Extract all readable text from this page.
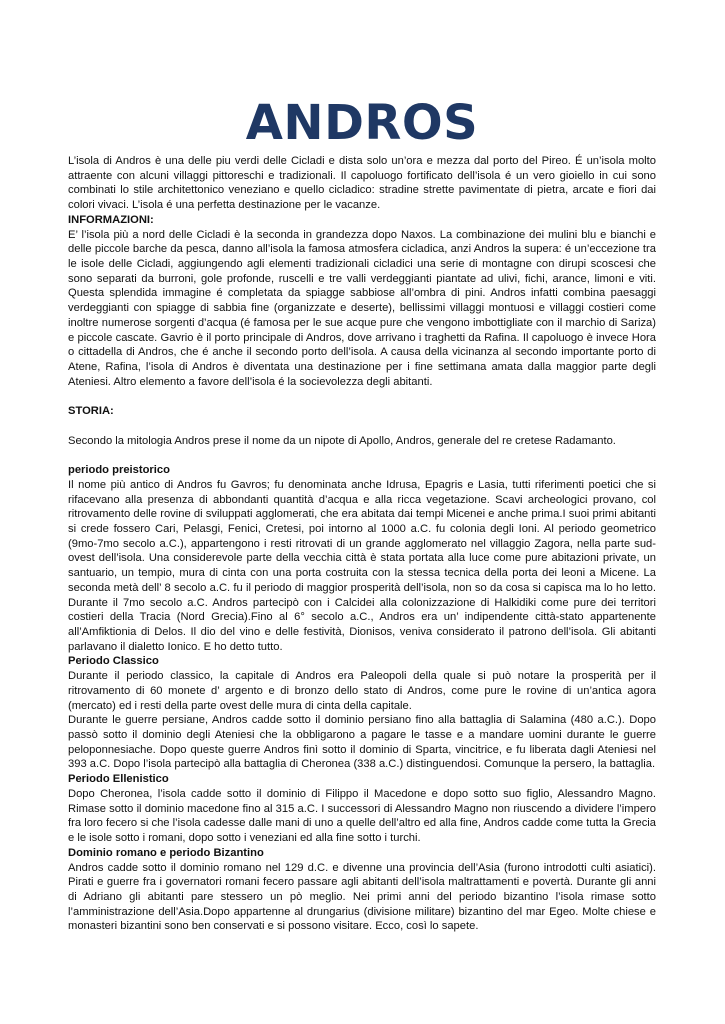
ANDROS

L’isola di Andros è una delle piu verdi delle Cicladi e dista solo un’ora e mezza dal porto del Pireo. É un’isola molto attraente con alcuni villaggi pittoreschi e tradizionali. Il capoluogo fortificato dell’isola é un vero gioiello in cui sono combinati lo stile architettonico veneziano e quello cicladico: stradine strette pavimentate di pietra, arcate e fiori dai colori vivaci. L’isola é una perfetta destinazione per le vacanze.

INFORMAZIONI:

E’ l’isola più a nord delle Cicladi è la seconda in grandezza dopo Naxos. La combinazione dei mulini blu e bianchi e delle piccole barche da pesca, danno all’isola la famosa atmosfera cicladica, anzi Andros la supera: é un’eccezione tra le isole delle Cicladi, aggiungendo agli elementi tradizionali cicladici una serie di montagne con dirupi scoscesi che sono separati da burroni, gole profonde, ruscelli e tre valli verdeggianti piantate ad ulivi, fichi, arance, limoni e viti. Questa splendida immagine é completata da spiagge sabbiose all’ombra di pini. Andros infatti combina paesaggi verdeggianti con spiagge di sabbia fine (organizzate e deserte), bellissimi villaggi montuosi e villaggi costieri come inoltre numerose sorgenti d’acqua (é famosa per le sue acque pure che vengono imbottigliate con il marchio di Sariza) e piccole cascate. Gavrio è il porto principale di Andros, dove arrivano i traghetti da Rafina. Il capoluogo è invece Hora o cittadella di Andros, che é anche il secondo porto dell’isola. A causa della vicinanza al secondo importante porto di Atene, Rafina, l’isola di Andros è diventata una destinazione per i fine settimana amata dalla maggior parte degli Ateniesi. Altro elemento a favore dell’isola é la socievolezza degli abitanti.

STORIA:

Secondo la mitologia Andros prese il nome da un nipote di Apollo, Andros, generale del re cretese Radamanto.

periodo preistorico

Il nome più antico di Andros fu Gavros; fu denominata anche Idrusa, Epagris e Lasia, tutti riferimenti poetici che si rifacevano alla presenza di abbondanti quantità d’acqua e alla ricca vegetazione. Scavi archeologici provano, col ritrovamento delle rovine di sviluppati agglomerati, che era abitata dai tempi Micenei e anche prima.I suoi primi abitanti si crede fossero Cari, Pelasgi, Fenici, Cretesi, poi intorno al 1000 a.C. fu colonia degli Ioni. Al periodo geometrico (9mo-7mo secolo a.C.), appartengono i resti ritrovati di un grande agglomerato nel villaggio Zagora, nella parte sud-ovest dell’isola. Una considerevole parte della vecchia città è stata portata alla luce come pure abitazioni private, un santuario, un tempio, mura di cinta con una porta costruita con la stessa tecnica della porta dei leoni a Micene. La seconda metà dell’ 8 secolo a.C. fu il periodo di maggior prosperità dell’isola, non so da cosa si capisca ma lo ho letto. Durante il 7mo secolo a.C. Andros partecipò con i Calcidei alla colonizzazione di Halkidiki come pure dei territori costieri della Tracia (Nord Grecia).Fino al 6° secolo a.C., Andros era un’ indipendente città-stato appartenente all’Amfiktionia di Delos. Il dio del vino e delle festività, Dionisos, veniva considerato il patrono dell’isola. Gli abitanti parlavano il dialetto Ionico. E ho detto tutto.

Periodo Classico

Durante il periodo classico, la capitale di Andros era Paleopoli della quale si può notare la prosperità per il ritrovamento di 60 monete d’ argento e di bronzo dello stato di Andros, come pure le rovine di un’antica agora (mercato) ed i resti della parte ovest delle mura di cinta della capitale.

Durante le guerre persiane, Andros cadde sotto il dominio persiano fino alla battaglia di Salamina (480 a.C.). Dopo passò sotto il dominio degli Ateniesi che la obbligarono a pagare le tasse e a mandare uomini durante le guerre peloponnesiache. Dopo queste guerre Andros finì sotto il dominio di Sparta, vincitrice, e fu liberata dagli Ateniesi nel 393 a.C. Dopo l’isola partecipò alla battaglia di Cheronea (338 a.C.) distinguendosi. Comunque la persero, la battaglia.

Periodo Ellenistico

Dopo Cheronea, l’isola cadde sotto il dominio di Filippo il Macedone e dopo sotto suo figlio, Alessandro Magno. Rimase sotto il dominio macedone fino al 315 a.C. I successori di Alessandro Magno non riuscendo a dividere l’impero fra loro fecero si che l’isola cadesse dalle mani di uno a quelle dell’altro ed alla fine, Andros cadde come tutta la Grecia e le isole sotto i romani, dopo sotto i veneziani ed alla fine sotto i turchi.

Dominio romano e periodo Bizantino

Andros cadde sotto il dominio romano nel 129 d.C. e divenne una provincia dell’Asia (furono introdotti culti asiatici). Pirati e guerre fra i governatori romani fecero passare agli abitanti dell’isola maltrattamenti e povertà. Durante gli anni di Adriano gli abitanti pare stessero un pò meglio. Nei primi anni del periodo bizantino l’isola rimase sotto l’amministrazione dell’Asia.Dopo appartenne al drungarius (divisione militare) bizantino del mar Egeo. Molte chiese e monasteri bizantini sono ben conservati e si possono visitare. Ecco, così lo sapete.
